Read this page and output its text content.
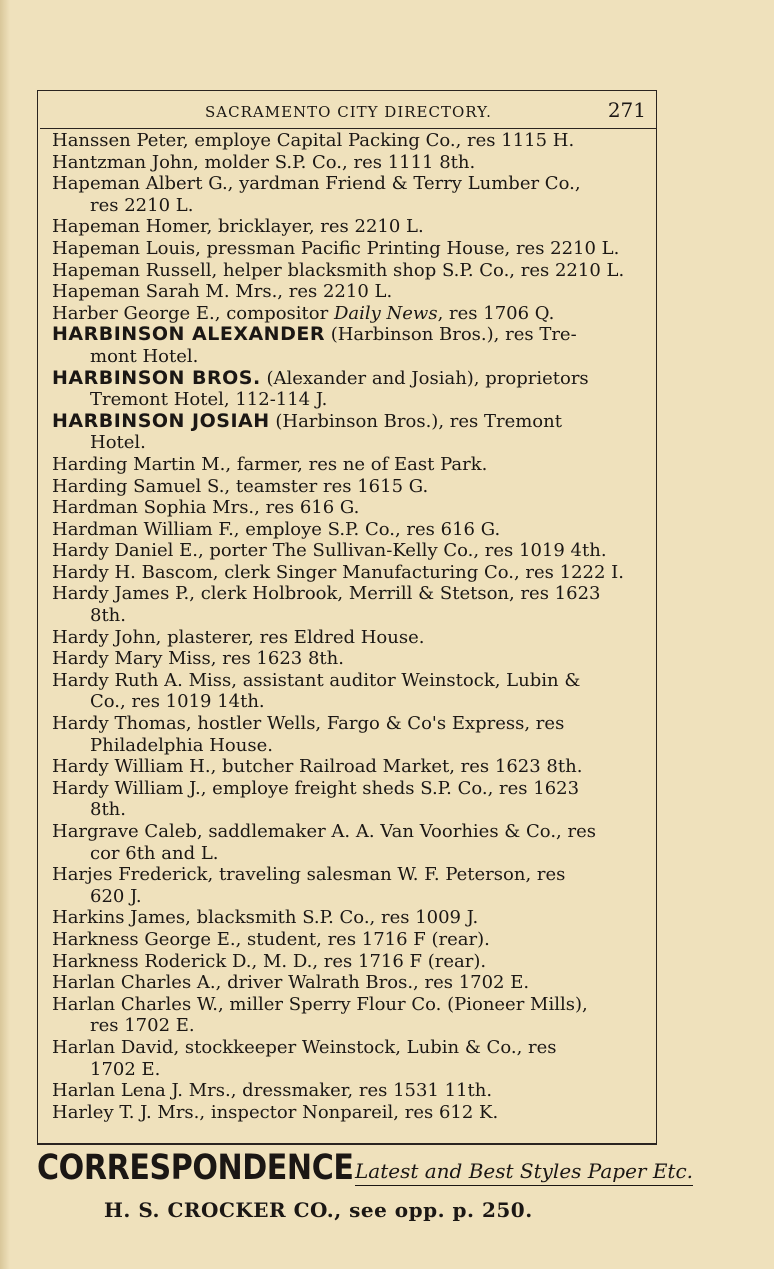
SACRAMENTO CITY DIRECTORY.	271
Hanssen Peter, employe Capital Packing Co., res 1115 H.
Hantzman John, molder S.P. Co., res 1111 8th.
Hapeman Albert G., yardman Friend & Terry Lumber Co.,
res 2210 L.
Hapeman Homer, bricklayer, res 2210 L.
Hapeman Louis, pressman Pacific Printing House, res 2210 L.
Hapeman Russell, helper blacksmith shop S.P. Co., res 2210 L.
Hapeman Sarah M. Mrs., res 2210 L.
Harber George E., compositor Daily News, res 1706 Q.
HARBINSON ALEXANDER (Harbinson Bros.), res Tre-
mont Hotel.
HARBINSON BROS. (Alexander and Josiah), proprietors
Tremont Hotel, 112-114 J.
HARBINSON JOSIAH (Harbinson Bros.), res Tremont
Hotel.
Harding Martin M., farmer, res ne of East Park.
Harding Samuel S., teamster res 1615 G.
Hardman Sophia Mrs., res 616 G.
Hardman William F., employe S.P. Co., res 616 G.
Hardy Daniel E., porter The Sullivan-Kelly Co., res 1019 4th.
Hardy H. Bascom, clerk Singer Manufacturing Co., res 1222 I.
Hardy James P., clerk Holbrook, Merrill & Stetson, res 1623
8th.
Hardy John, plasterer, res Eldred House.
Hardy Mary Miss, res 1623 8th.
Hardy Ruth A. Miss, assistant auditor Weinstock, Lubin &
Co., res 1019 14th.
Hardy Thomas, hostler Wells, Fargo & Co's Express, res
Philadelphia House.
Hardy William H., butcher Railroad Market, res 1623 8th.
Hardy William J., employe freight sheds S.P. Co., res 1623
8th.
Hargrave Caleb, saddlemaker A. A. Van Voorhies & Co., res
cor 6th and L.
Harjes Frederick, traveling salesman W. F. Peterson, res
620 J.
Harkins James, blacksmith S.P. Co., res 1009 J.
Harkness George E., student, res 1716 F (rear).
Harkness Roderick D., M. D., res 1716 F (rear).
Harlan Charles A., driver Walrath Bros., res 1702 E.
Harlan Charles W., miller Sperry Flour Co. (Pioneer Mills),
res 1702 E.
Harlan David, stockkeeper Weinstock, Lubin & Co., res
1702 E.
Harlan Lena J. Mrs., dressmaker, res 1531 11th.
Harley T. J. Mrs., inspector Nonpareil, res 612 K.
CORRESPONDENCE Latest and Best Styles Paper Etc.
H. S. CROCKER CO., see opp. p. 250.
